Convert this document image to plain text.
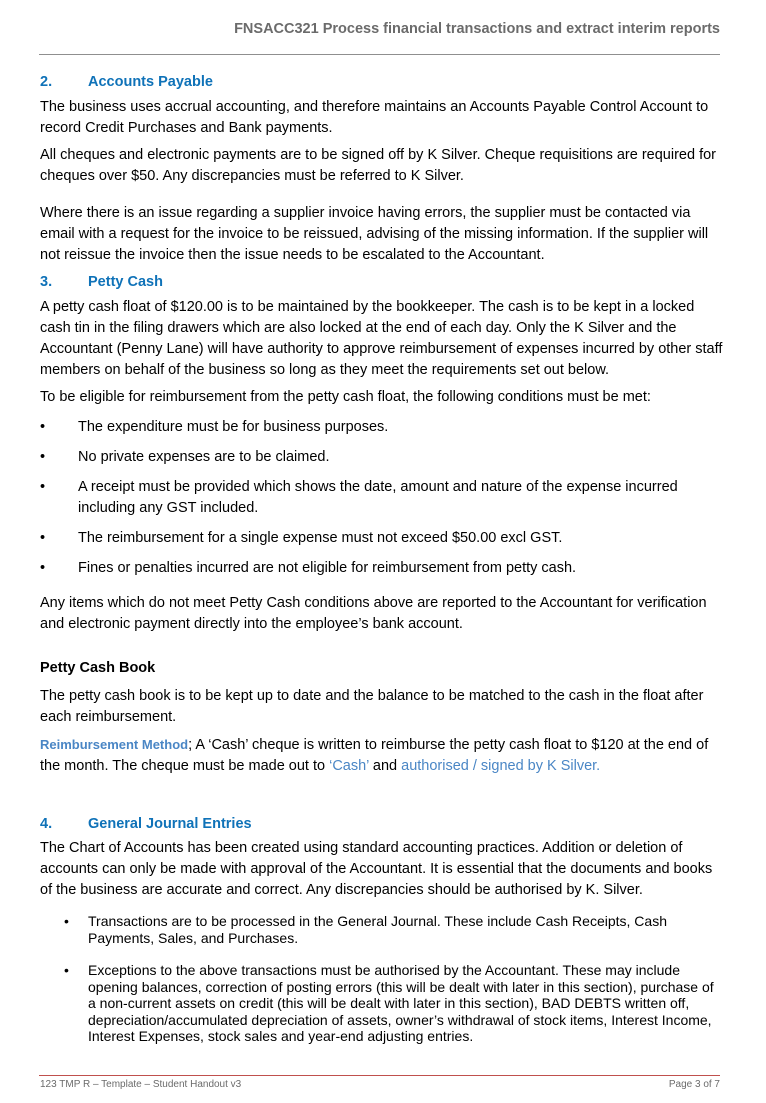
FNSACC321 Process financial transactions and extract interim reports
2. Accounts Payable

The business uses accrual accounting, and therefore maintains an Accounts Payable Control Account to record Credit Purchases and Bank payments.

All cheques and electronic payments are to be signed off by K Silver. Cheque requisitions are required for cheques over $50. Any discrepancies must be referred to K Silver.

Where there is an issue regarding a supplier invoice having errors, the supplier must be contacted via email with a request for the invoice to be reissued, advising of the missing information. If the supplier will not reissue the invoice then the issue needs to be escalated to the Accountant.

3. Petty Cash

A petty cash float of $120.00 is to be maintained by the bookkeeper. The cash is to be kept in a locked cash tin in the filing drawers which are also locked at the end of each day. Only the K Silver and the Accountant (Penny Lane) will have authority to approve reimbursement of expenses incurred by other staff members on behalf of the business so long as they meet the requirements set out below.

To be eligible for reimbursement from the petty cash float, the following conditions must be met:

• The expenditure must be for business purposes.
• No private expenses are to be claimed.
• A receipt must be provided which shows the date, amount and nature of the expense incurred including any GST included.
• The reimbursement for a single expense must not exceed $50.00 excl GST.
• Fines or penalties incurred are not eligible for reimbursement from petty cash.

Any items which do not meet Petty Cash conditions above are reported to the Accountant for verification and electronic payment directly into the employee’s bank account.

Petty Cash Book

The petty cash book is to be kept up to date and the balance to be matched to the cash in the float after each reimbursement.

Reimbursement Method; A ‘Cash’ cheque is written to reimburse the petty cash float to $120 at the end of the month. The cheque must be made out to ‘Cash’ and authorised / signed by K Silver.

4. General Journal Entries

The Chart of Accounts has been created using standard accounting practices. Addition or deletion of accounts can only be made with approval of the Accountant. It is essential that the documents and books of the business are accurate and correct. Any discrepancies should be authorised by K. Silver.

• Transactions are to be processed in the General Journal. These include Cash Receipts, Cash Payments, Sales, and Purchases.
• Exceptions to the above transactions must be authorised by the Accountant. These may include opening balances, correction of posting errors (this will be dealt with later in this section), purchase of a non-current assets on credit (this will be dealt with later in this section), BAD DEBTS written off, depreciation/accumulated depreciation of assets, owner’s withdrawal of stock items, Interest Income, Interest Expenses, stock sales and year-end adjusting entries.
123 TMP R – Template – Student Handout v3	Page 3 of 7
